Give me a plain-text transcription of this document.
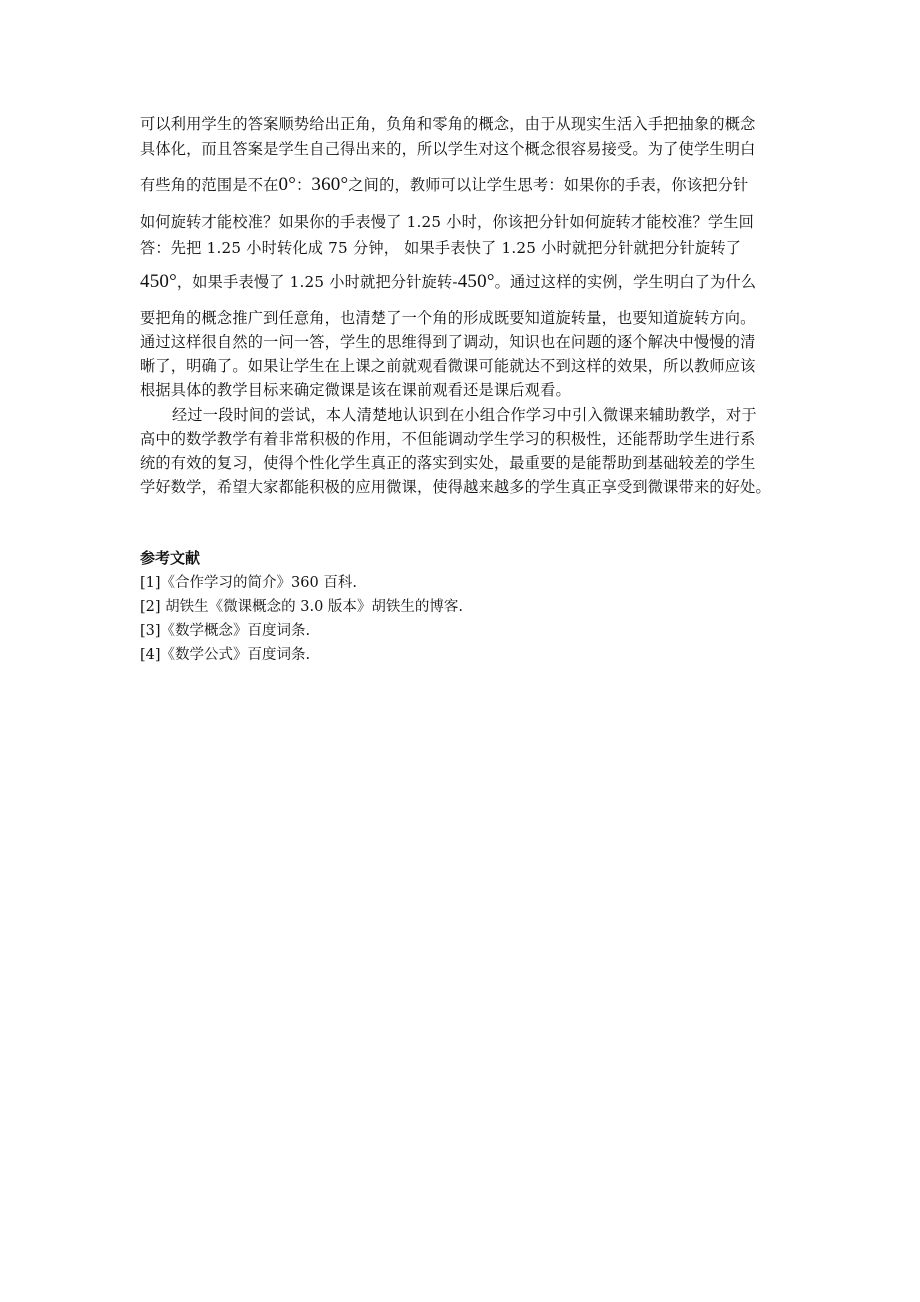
可以利用学生的答案顺势给出正角，负角和零角的概念，由于从现实生活入手把抽象的概念
具体化，而且答案是学生自己得出来的，所以学生对这个概念很容易接受。为了使学生明白
有些角的范围是不在0°：360°之间的，教师可以让学生思考：如果你的手表，你该把分针
如何旋转才能校准？如果你的手表慢了 1.25 小时，你该把分针如何旋转才能校准？学生回
答：先把 1.25 小时转化成 75 分钟， 如果手表快了 1.25 小时就把分针就把分针旋转了
450°，如果手表慢了 1.25 小时就把分针旋转-450°。通过这样的实例，学生明白了为什么
要把角的概念推广到任意角，也清楚了一个角的形成既要知道旋转量，也要知道旋转方向。
通过这样很自然的一问一答，学生的思维得到了调动，知识也在问题的逐个解决中慢慢的清
晰了，明确了。如果让学生在上课之前就观看微课可能就达不到这样的效果，所以教师应该
根据具体的教学目标来确定微课是该在课前观看还是课后观看。
经过一段时间的尝试，本人清楚地认识到在小组合作学习中引入微课来辅助教学，对于
高中的数学教学有着非常积极的作用，不但能调动学生学习的积极性，还能帮助学生进行系
统的有效的复习，使得个性化学生真正的落实到实处，最重要的是能帮助到基础较差的学生
学好数学，希望大家都能积极的应用微课，使得越来越多的学生真正享受到微课带来的好处。
参考文献
[1]《合作学习的简介》360 百科.
[2] 胡铁生《微课概念的 3.0 版本》胡铁生的博客.
[3]《数学概念》百度词条.
[4]《数学公式》百度词条.
